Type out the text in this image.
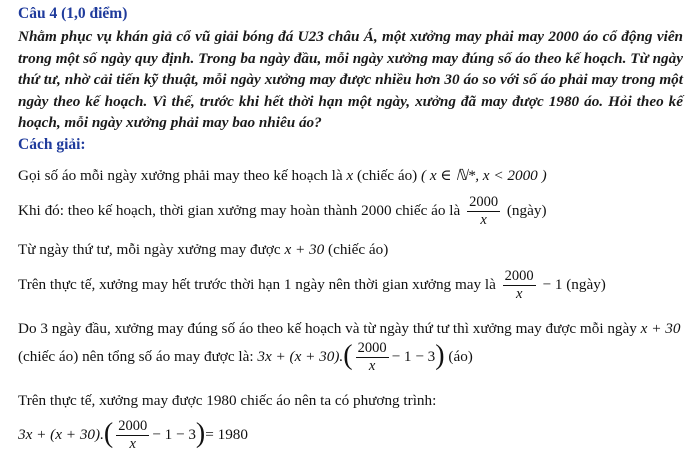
Câu 4 (1,0 điểm)
Nhằm phục vụ khán giả cổ vũ giải bóng đá U23 châu Á, một xưởng may phải may 2000 áo cổ động viên trong một số ngày quy định. Trong ba ngày đầu, mỗi ngày xưởng may đúng số áo theo kế hoạch. Từ ngày thứ tư, nhờ cải tiến kỹ thuật, mỗi ngày xưởng may được nhiều hơn 30 áo so với số áo phải may trong một ngày theo kế hoạch. Vì thế, trước khi hết thời hạn một ngày, xưởng đã may được 1980 áo. Hỏi theo kế hoạch, mỗi ngày xưởng phải may bao nhiêu áo?
Cách giải:
Gọi số áo mỗi ngày xưởng phải may theo kế hoạch là x (chiếc áo) ( x ∈ ℕ*, x < 2000 )
Khi đó: theo kế hoạch, thời gian xưởng may hoàn thành 2000 chiếc áo là $\frac{2000}{x}$ (ngày)
Từ ngày thứ tư, mỗi ngày xưởng may được x + 30 (chiếc áo)
Trên thực tế, xưởng may hết trước thời hạn 1 ngày nên thời gian xưởng may là $\frac{2000}{x} - 1$ (ngày)
Do 3 ngày đầu, xưởng may đúng số áo theo kế hoạch và từ ngày thứ tư thì xưởng may được mỗi ngày x + 30
(chiếc áo) nên tổng số áo may được là: $3x + (x + 30).( \frac{2000}{x} - 1 - 3)$ (áo)
Trên thực tế, xưởng may được 1980 chiếc áo nên ta có phương trình:
$3x + (x + 30).( \frac{2000}{x} - 1 - 3)= 1980$
